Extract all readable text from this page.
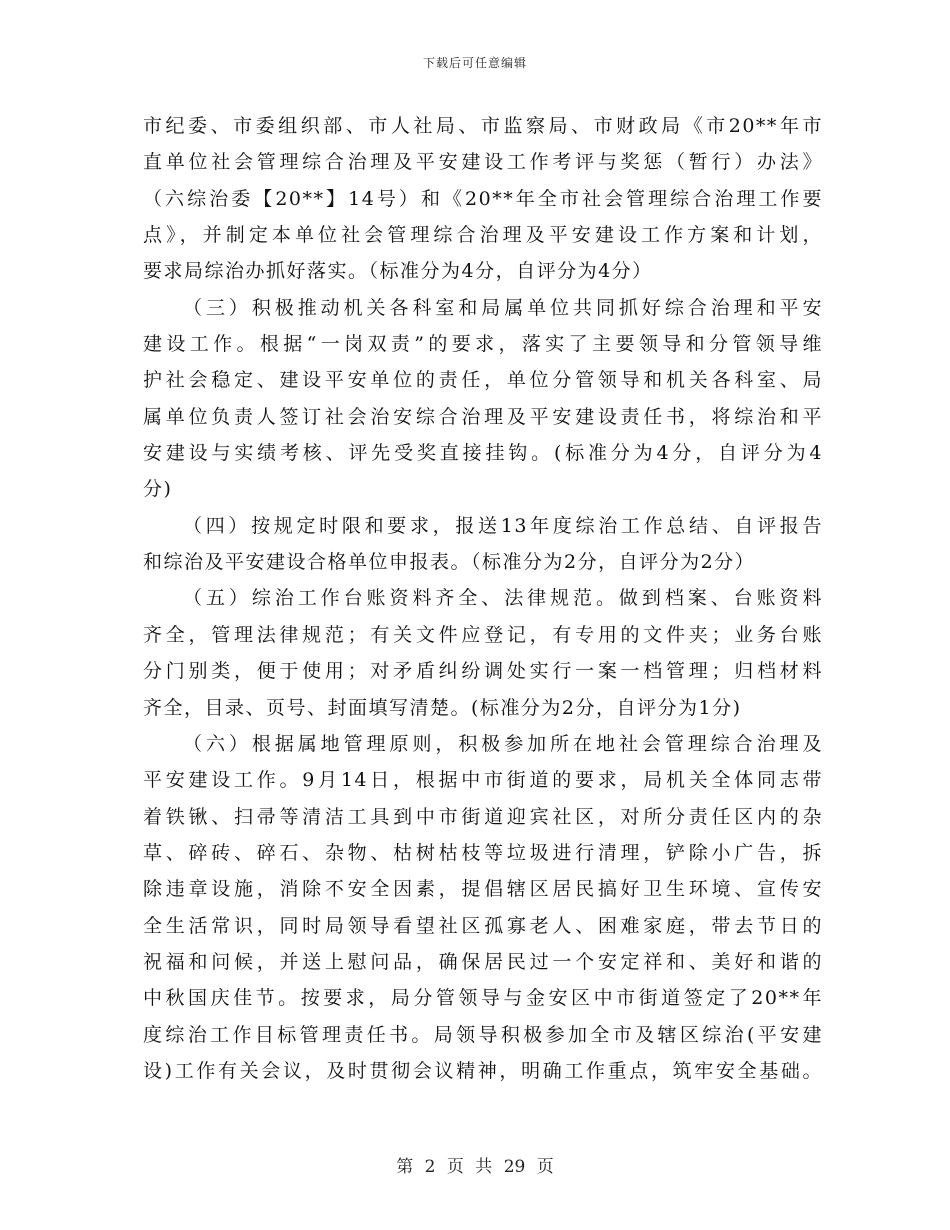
下载后可任意编辑
市纪委、市委组织部、市人社局、市监察局、市财政局《市20**年市
直单位社会管理综合治理及平安建设工作考评与奖惩（暂行）办法》
（六综治委【20**】14号）和《20**年全市社会管理综合治理工作要
点》，并制定本单位社会管理综合治理及平安建设工作方案和计划，
要求局综治办抓好落实。（标准分为4分，自评分为4分）
（三）积极推动机关各科室和局属单位共同抓好综合治理和平安
建设工作。根据“一岗双责”的要求，落实了主要领导和分管领导维
护社会稳定、建设平安单位的责任，单位分管领导和机关各科室、局
属单位负责人签订社会治安综合治理及平安建设责任书，将综治和平
安建设与实绩考核、评先受奖直接挂钩。(标准分为4分，自评分为4
分)
（四）按规定时限和要求，报送13年度综治工作总结、自评报告
和综治及平安建设合格单位申报表。（标准分为2分，自评分为2分）
（五）综治工作台账资料齐全、法律规范。做到档案、台账资料
齐全，管理法律规范；有关文件应登记，有专用的文件夹；业务台账
分门别类，便于使用；对矛盾纠纷调处实行一案一档管理；归档材料
齐全，目录、页号、封面填写清楚。(标准分为2分，自评分为1分)
（六）根据属地管理原则，积极参加所在地社会管理综合治理及
平安建设工作。9月14日，根据中市街道的要求，局机关全体同志带
着铁锹、扫帚等清洁工具到中市街道迎宾社区，对所分责任区内的杂
草、碎砖、碎石、杂物、枯树枯枝等垃圾进行清理，铲除小广告，拆
除违章设施，消除不安全因素，提倡辖区居民搞好卫生环境、宣传安
全生活常识，同时局领导看望社区孤寡老人、困难家庭，带去节日的
祝福和问候，并送上慰问品，确保居民过一个安定祥和、美好和谐的
中秋国庆佳节。按要求，局分管领导与金安区中市街道签定了20**年
度综治工作目标管理责任书。局领导积极参加全市及辖区综治(平安建
设)工作有关会议，及时贯彻会议精神，明确工作重点，筑牢安全基础。
第 2 页 共 29 页
